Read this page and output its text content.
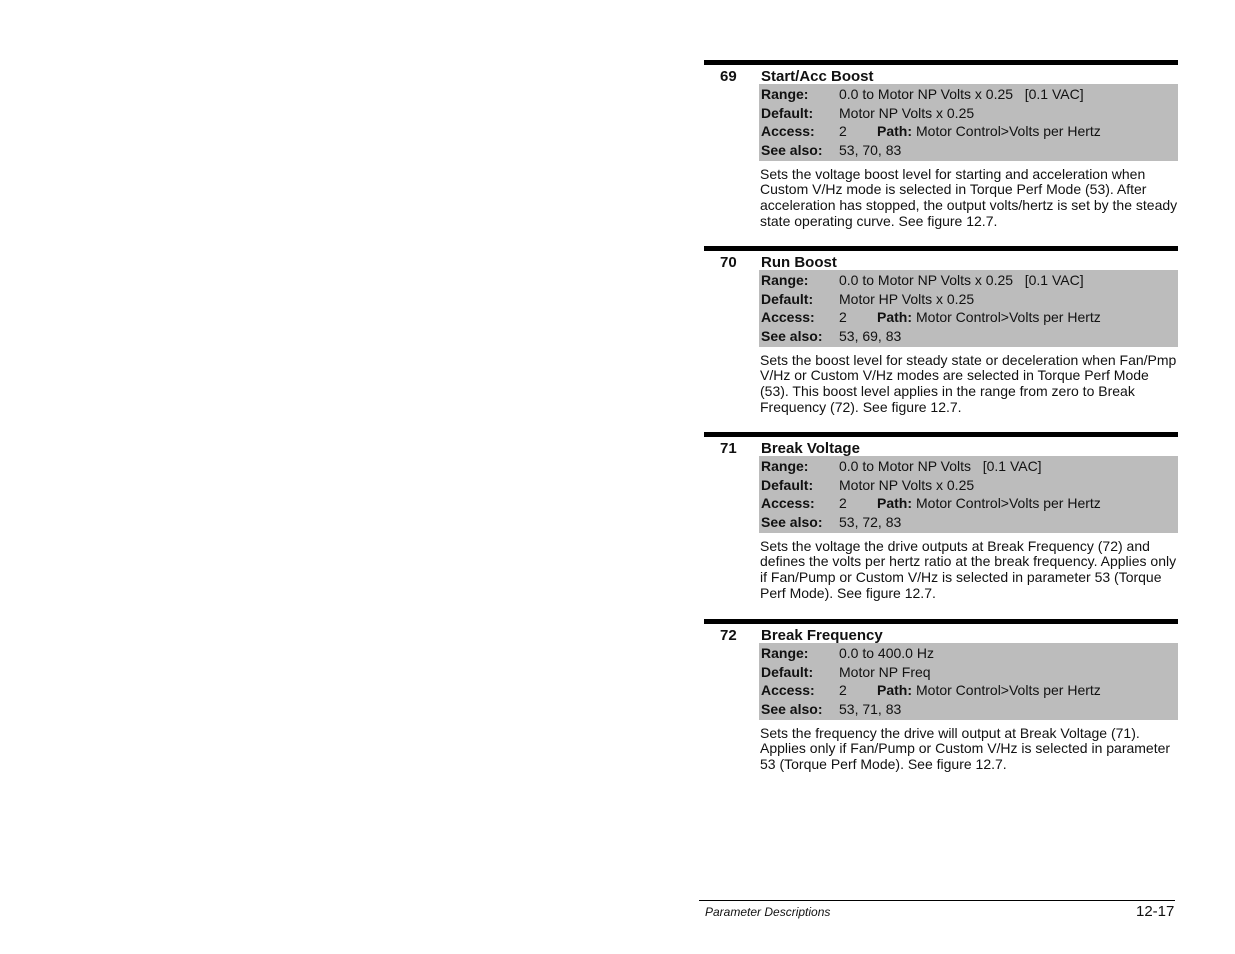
69 Start/Acc Boost
Range: 0.0 to Motor NP Volts x 0.25   [0.1 VAC]
Default: Motor NP Volts x 0.25
Access: 2 Path: Motor Control>Volts per Hertz
See also: 53, 70, 83
Sets the voltage boost level for starting and acceleration when Custom V/Hz mode is selected in Torque Perf Mode (53). After acceleration has stopped, the output volts/hertz is set by the steady state operating curve. See figure 12.7.
70 Run Boost
Range: 0.0 to Motor NP Volts x 0.25   [0.1 VAC]
Default: Motor HP Volts x 0.25
Access: 2 Path: Motor Control>Volts per Hertz
See also: 53, 69, 83
Sets the boost level for steady state or deceleration when Fan/Pmp V/Hz or Custom V/Hz modes are selected in Torque Perf Mode (53). This boost level applies in the range from zero to Break Frequency (72). See figure 12.7.
71 Break Voltage
Range: 0.0 to Motor NP Volts   [0.1 VAC]
Default: Motor NP Volts x 0.25
Access: 2 Path: Motor Control>Volts per Hertz
See also: 53, 72, 83
Sets the voltage the drive outputs at Break Frequency (72) and defines the volts per hertz ratio at the break frequency. Applies only if Fan/Pump or Custom V/Hz is selected in parameter 53 (Torque Perf Mode). See figure 12.7.
72 Break Frequency
Range: 0.0 to 400.0 Hz
Default: Motor NP Freq
Access: 2 Path: Motor Control>Volts per Hertz
See also: 53, 71, 83
Sets the frequency the drive will output at Break Voltage (71). Applies only if Fan/Pump or Custom V/Hz is selected in parameter 53 (Torque Perf Mode). See figure 12.7.
Parameter Descriptions	12-17
